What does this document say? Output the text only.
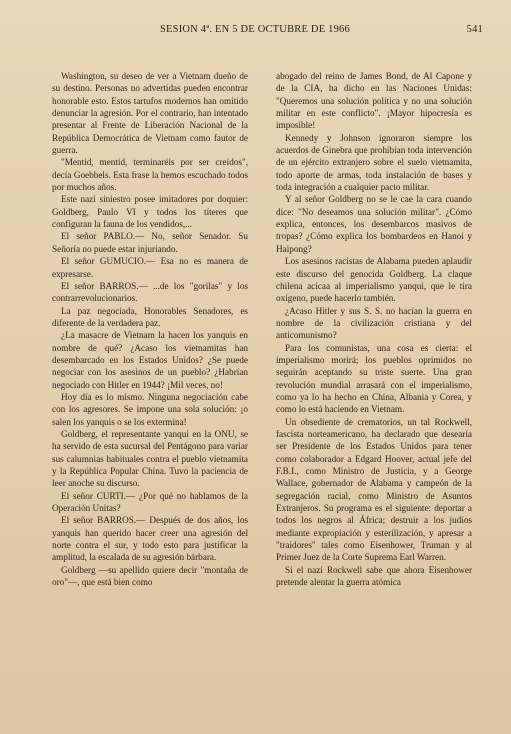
SESION 4ª. EN 5 DE OCTUBRE DE 1966	541

Washington, su deseo de ver a Vietnam dueño de su destino. Personas no advertidas pueden encontrar honorable esto. Estos tartufos modernos han omitido denunciar la agresión. Por el contrario, han intentado presentar al Frente de Liberación Nacional de la República Democrática de Vietnam como fautor de guerra.

"Mentid, mentid, terminaréis por ser creídos", decía Goebbels. Esta frase la hemos escuchado todos por muchos años.

Este nazi siniestro posee imitadores por doquier: Goldberg, Paulo VI y todos los títeres que configuran la fauna de los vendidos,...

El señor PABLO.— No, señor Senador. Su Señoría no puede estar injuriando.

El señor GUMUCIO.— Esa no es manera de expresarse.

El señor BARROS.— ...de los "gorilas" y los contrarrevolucionarios.

La paz negociada, Honorables Senadores, es diferente de la verdadera paz.

¿La masacre de Vietnam la hacen los yanquis en nombre de qué? ¿Acaso los vietnamitas han desembarcado en los Estados Unidos? ¿Se puede negociar con los asesinos de un pueblo? ¿Habrían negociado con Hitler en 1944? ¡Mil veces, no!

Hoy día es lo mismo. Ninguna negociación cabe con los agresores. Se impone una sola solución: ¡o salen los yanquis o se los extermina!

Goldberg, el representante yanqui en la ONU, se ha servido de esta sucursal del Pentágono para variar sus calumnias habituales contra el pueblo vietnamita y la República Popular China. Tuvo la paciencia de leer anoche su discurso.

El señor CURTI.— ¿Por qué no hablamos de la Operación Unitas?

El señor BARROS.— Después de dos años, los yanquis han querido hacer creer una agresión del norte contra el sur, y todo esto para justificar la amplitud, la escalada de su agresión bárbara.

Goldberg —su apellido quiere decir "montaña de oro"—, que está bien como

abogado del reino de James Bond, de Al Capone y de la CIA, ha dicho en las Naciones Unidas: "Queremos una solución política y no una solución militar en este conflicto". ¡Mayor hipocresía es imposible!

Kennedy y Johnson ignoraron siempre los acuerdos de Ginebra que prohibían toda intervención de un ejército extranjero sobre el suelo vietnamita, todo aporte de armas, toda instalación de bases y toda integración a cualquier pacto militar.

Y al señor Goldberg no se le cae la cara cuando dice: "No deseamos una solución militar". ¿Cómo explica, entonces, los desembarcos masivos de tropas? ¿Cómo explica los bombardeos en Hanoi y Haipong?

Los asesinos racistas de Alabama pueden aplaudir este discurso del genocida Goldberg. La claque chilena acicaa al imperialismo yanqui, que le tira oxígeno, puede hacerlo también.

¿Acaso Hitler y sus S. S. no hacían la guerra en nombre de la civilización cristiana y del anticomunismo?

Para los comunistas, una cosa es cierta: el imperialismo morirá; los pueblos oprimidos no seguirán aceptando su triste suerte. Una gran revolución mundial arrasará con el imperialismo, como ya lo ha hecho en China, Albania y Corea, y como lo está haciendo en Vietnam.

Un obsediente de crematorios, un tal Rockwell, fascista norteamericano, ha declarado que desearía ser Presidente de los Estados Unidos para tener como colaborador a Edgard Hoover, actual jefe del F.B.I., como Ministro de Justicia, y a George Wallace, gobernador de Alabama y campeón de la segregación racial, como Ministro de Asuntos Extranjeros. Su programa es el siguiente: deportar a todos los negros al África; destruir a los judíos mediante expropiación y esterilización, y apresar a "traidores" tales como Eisenhower, Truman y al Primer Juez de la Corte Suprema Earl Warren.

Si el nazi Rockwell sabe que ahora Eisenhower pretende alentar la guerra atómica
